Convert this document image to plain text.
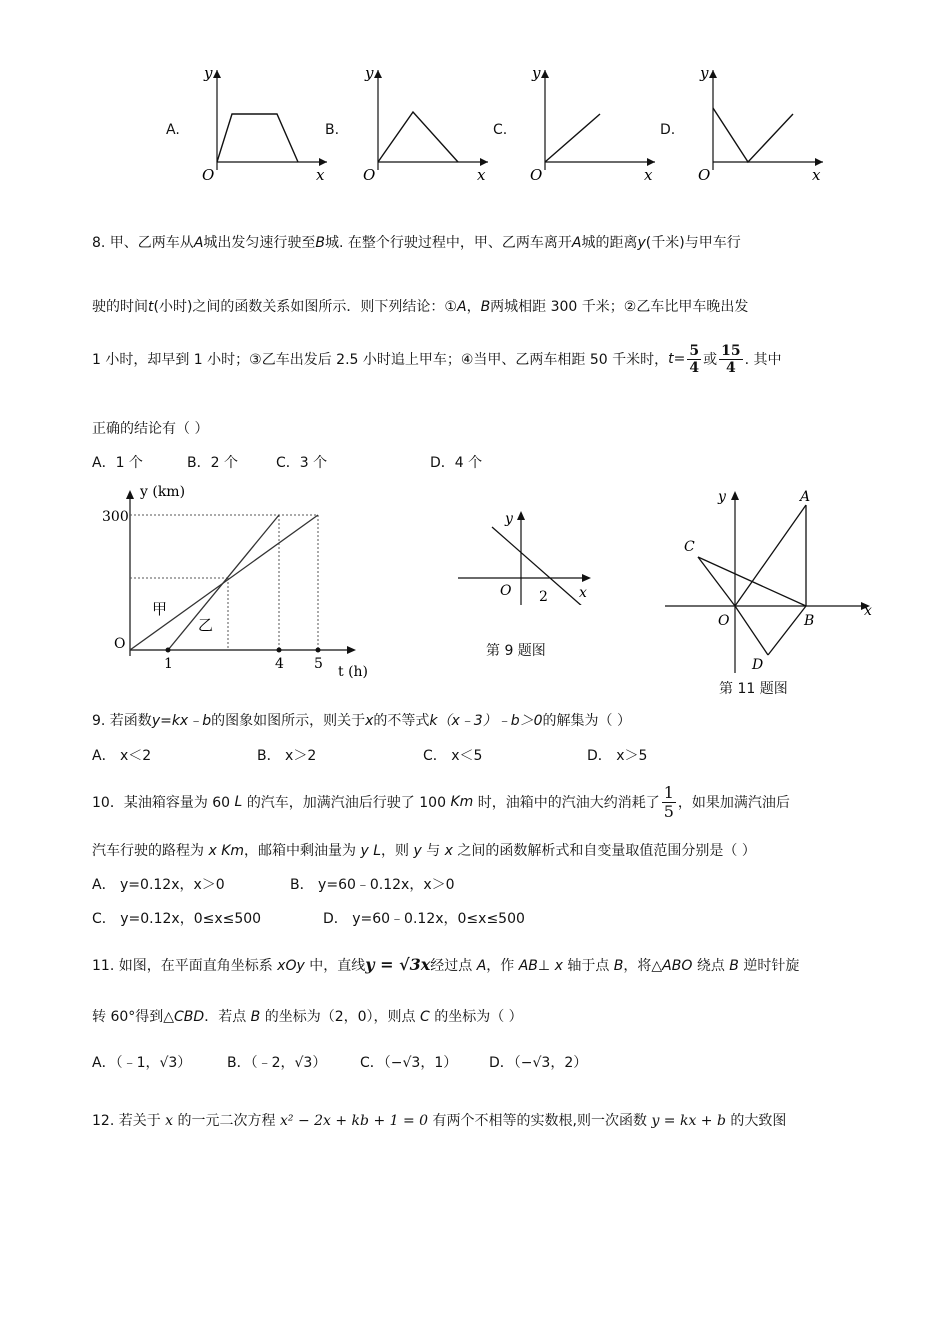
A.
y
O	x
B.
y
O	x
C.
y
O	x
D.
y
O	x
8. 甲、乙两车从A城出发匀速行驶至B城. 在整个行驶过程中，甲、乙两车离开A城的距离y(千米)与甲车行
驶的时间t(小时)之间的函数关系如图所示．则下列结论：①A，B两城相距 300 千米；②乙车比甲车晚出发
1 小时，却早到 1 小时；③乙车出发后 2.5 小时追上甲车；④当甲、乙两车相距 50 千米时， $t = \frac{5}{4}$ 或 $\frac{15}{4}$ . 其中
正确的结论有（ ）
A．1 个	B．2 个	C．3 个	D．4 个
y (km)
300
O
1	4 5 t (h)
甲
乙
y
O 2 x
第 9 题图
y	A
C
O	B
D
x
第 11 题图
9. 若函数y=kx﹣b的图象如图所示，则关于x的不等式k（x﹣3）﹣b＞0的解集为（ ）
A． x＜2	B． x＞2	C． x＜5	D． x＞5
10．某油箱容量为 60
L
的汽车，加满汽油后行驶了 100
Km
时，油箱中的汽油大约消耗了 $\frac{1}{5}$ ，如果加满汽油后
汽车行驶的路程为 x Km，邮箱中剩油量为 y L，则 y 与 x 之间的函数解析式和自变量取值范围分别是（ ）
A． y=0.12x，x＞0	B． y=60﹣0.12x，x＞0
C． y=0.12x，0≤x≤500	D． y=60﹣0.12x，0≤x≤500
11. 如图，在平面直角坐标系 xOy 中，直线y = √3x经过点 A，作 AB⊥ x 轴于点 B，将△ABO 绕点 B 逆时针旋
转 60°得到△CBD．若点 B 的坐标为（2，0），则点 C 的坐标为（ ）
A．（﹣1，√3）	B．（﹣2，√3） C．（−√3，1） D．（−√3，2）
12. 若关于 x 的一元二次方程 x² − 2x + kb + 1 = 0 有两个不相等的实数根,则一次函数 y = kx + b 的大致图
